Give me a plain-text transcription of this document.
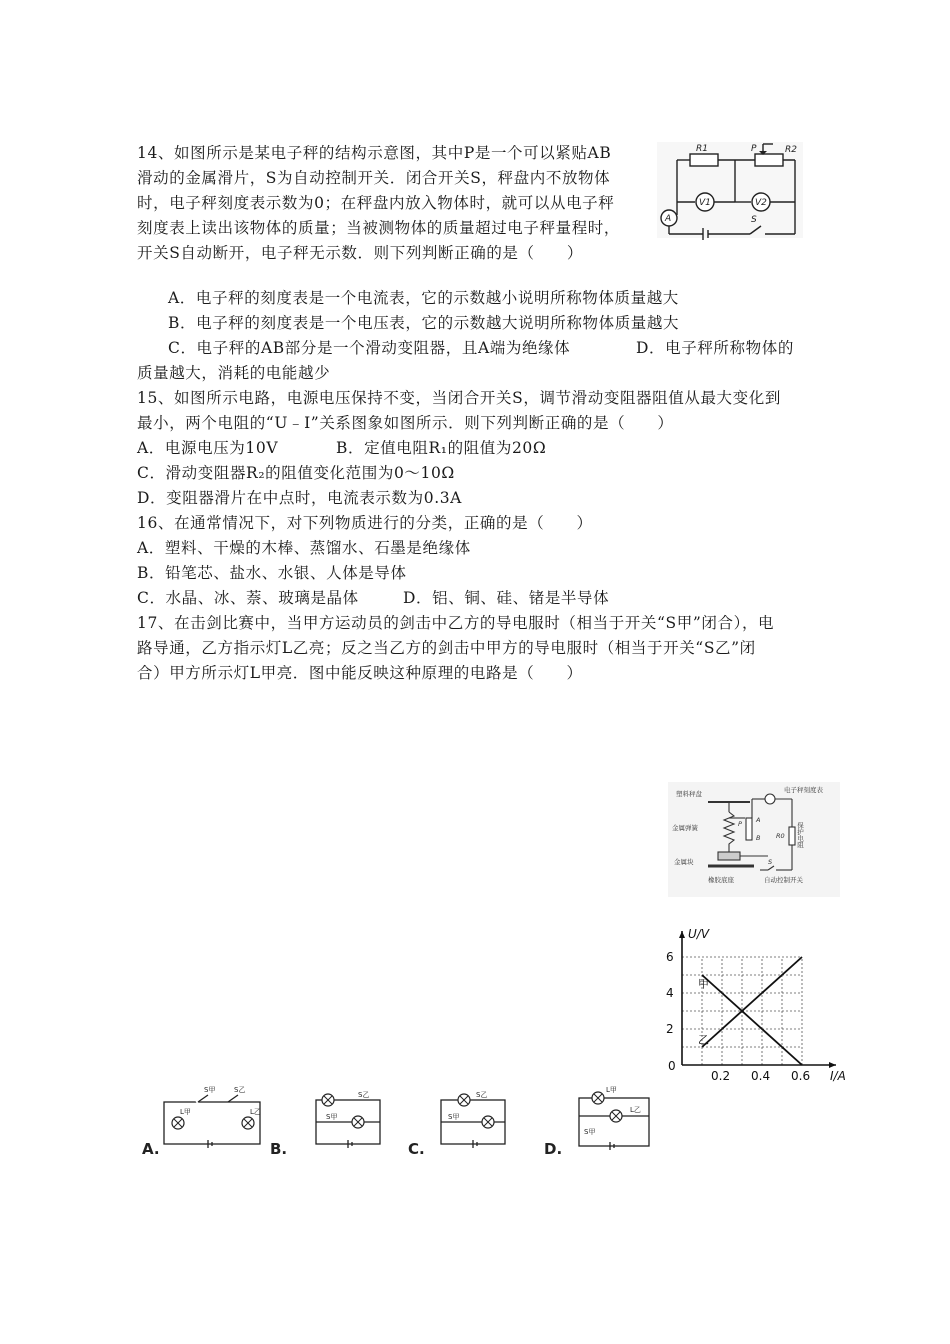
14、如图所示是某电子秤的结构示意图，其中P是一个可以紧贴AB
滑动的金属滑片，S为自动控制开关．闭合开关S，秤盘内不放物体
时，电子秤刻度表示数为0；在秤盘内放入物体时，就可以从电子秤
刻度表上读出该物体的质量；当被测物体的质量超过电子秤量程时，
开关S自动断开，电子秤无示数．则下列判断正确的是（　　）
R1	P	R2
V1	V2
A	S
A．电子秤的刻度表是一个电流表，它的示数越小说明所称物体质量越大
B．电子秤的刻度表是一个电压表，它的示数越大说明所称物体质量越大
C．电子秤的AB部分是一个滑动变阻器，且A端为绝缘体	D．电子秤所称物体的
质量越大，消耗的电能越少
15、如图所示电路，电源电压保持不变，当闭合开关S，调节滑动变阻器阻值从最大变化到
最小，两个电阻的“U﹣I”关系图象如图所示．则下列判断正确的是（　　）
A．电源电压为10V	B．定值电阻R₁的阻值为20Ω
C．滑动变阻器R₂的阻值变化范围为0～10Ω
D．变阻器滑片在中点时，电流表示数为0.3A
16、在通常情况下，对下列物质进行的分类，正确的是（　　）
A．塑料、干燥的木棒、蒸馏水、石墨是绝缘体
B．铅笔芯、盐水、水银、人体是导体
C．水晶、冰、萘、玻璃是晶体	D．铝、铜、硅、锗是半导体
17、在击剑比赛中，当甲方运动员的剑击中乙方的导电服时（相当于开关“S甲”闭合），电
路导通，乙方指示灯L乙亮；反之当乙方的剑击中甲方的导电服时（相当于开关“S乙”闭
合）甲方所示灯L甲亮．图中能反映这种原理的电路是（　　）
塑料秤盘	电子秤刻度表
金属弹簧	P A
B R0 保护电阻
金属块	S
橡胶底座	自动控制开关
0
0.2 0.4 0.6
2
4
6
I/A
U/V
甲
乙
S甲	S乙
L甲	L乙
S乙
S甲
S乙
S甲
L甲
L乙
S甲
A.	B.	C.	D.
